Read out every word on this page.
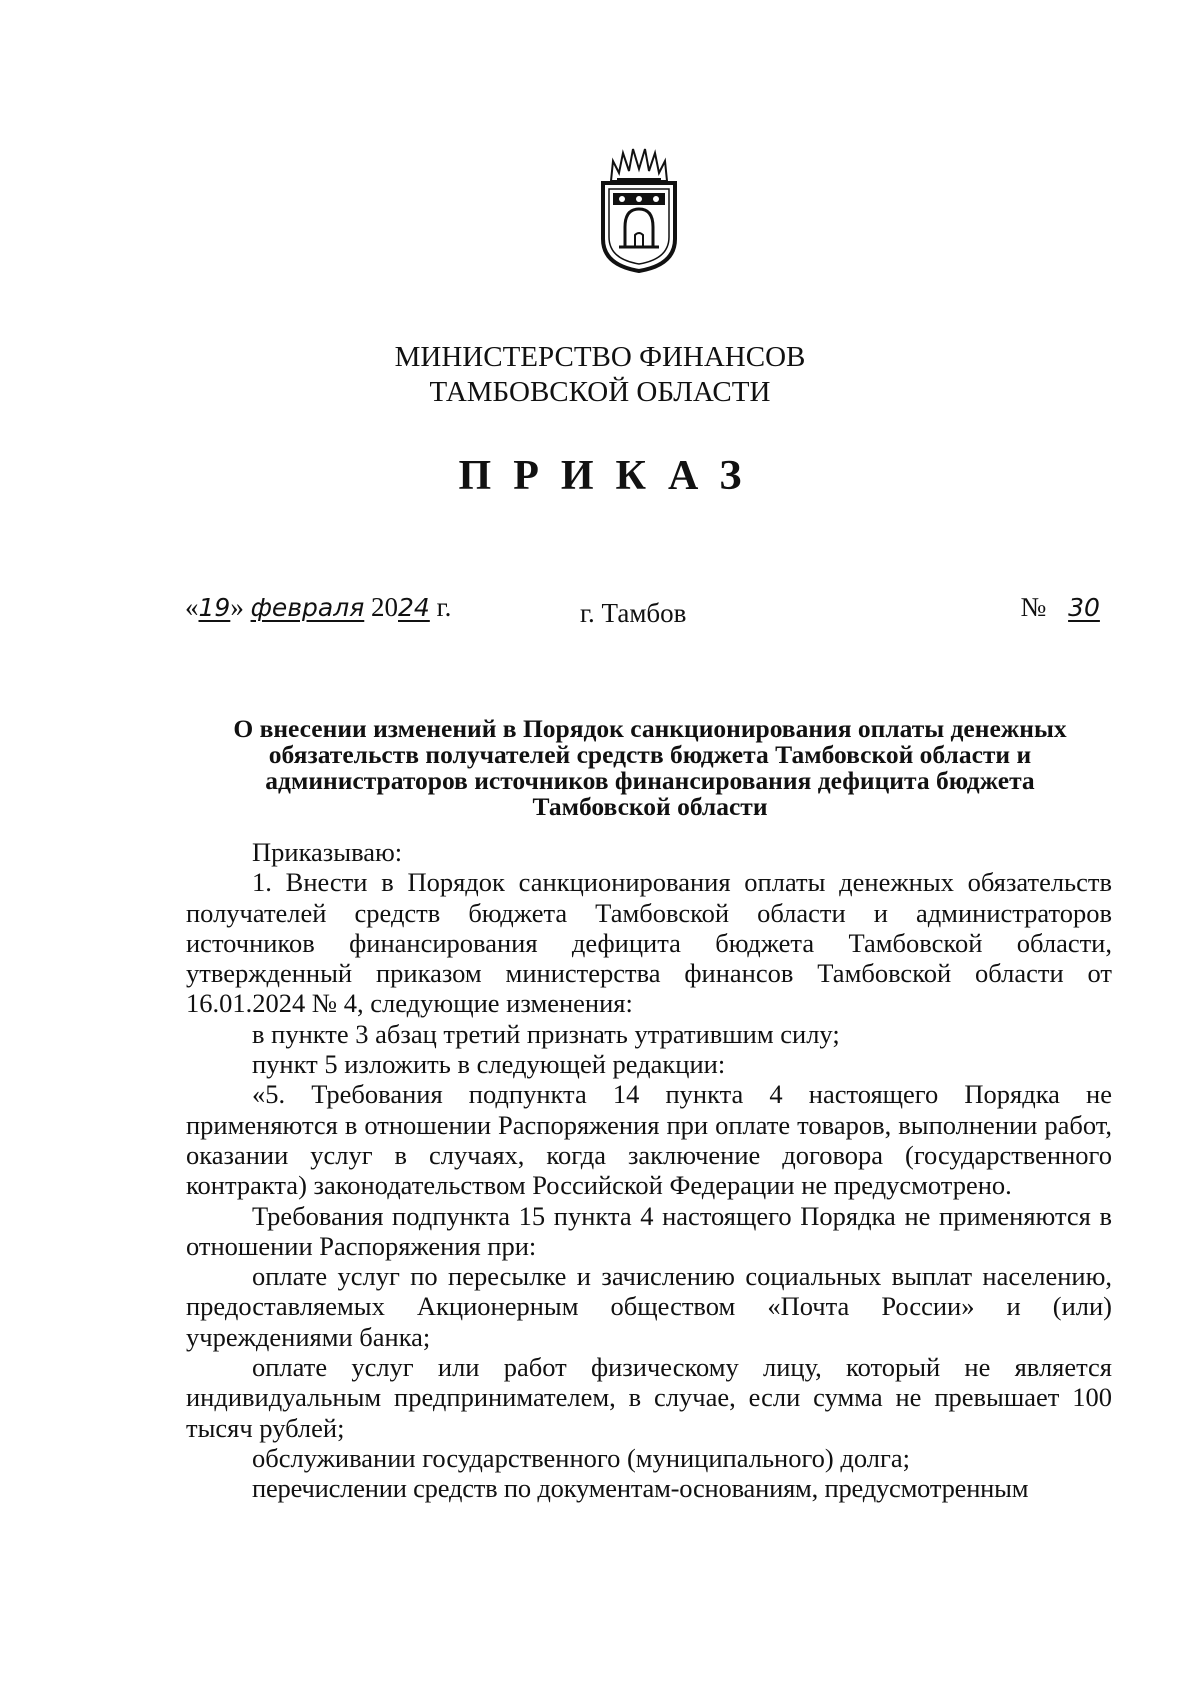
МИНИСТЕРСТВО ФИНАНСОВ
ТАМБОВСКОЙ ОБЛАСТИ
ПРИКАЗ
«19» февраля 2024 г.	г. Тамбов	№ 30
О внесении изменений в Порядок санкционирования оплаты денежных
обязательств получателей средств бюджета Тамбовской области и
администраторов источников финансирования дефицита бюджета
Тамбовской области

Приказываю:

1. Внести в Порядок санкционирования оплаты денежных обязательств получателей средств бюджета Тамбовской области и администраторов источников финансирования дефицита бюджета Тамбовской области, утвержденный приказом министерства финансов Тамбовской области от 16.01.2024 № 4, следующие изменения:

в пункте 3 абзац третий признать утратившим силу;

пункт 5 изложить в следующей редакции:

«5. Требования подпункта 14 пункта 4 настоящего Порядка не применяются в отношении Распоряжения при оплате товаров, выполнении работ, оказании услуг в случаях, когда заключение договора (государственного контракта) законодательством Российской Федерации не предусмотрено.

Требования подпункта 15 пункта 4 настоящего Порядка не применяются в отношении Распоряжения при:

оплате услуг по пересылке и зачислению социальных выплат населению, предоставляемых Акционерным обществом «Почта России» и (или) учреждениями банка;

оплате услуг или работ физическому лицу, который не является индивидуальным предпринимателем, в случае, если сумма не превышает 100 тысяч рублей;

обслуживании государственного (муниципального) долга;

перечислении средств по документам-основаниям, предусмотренным
